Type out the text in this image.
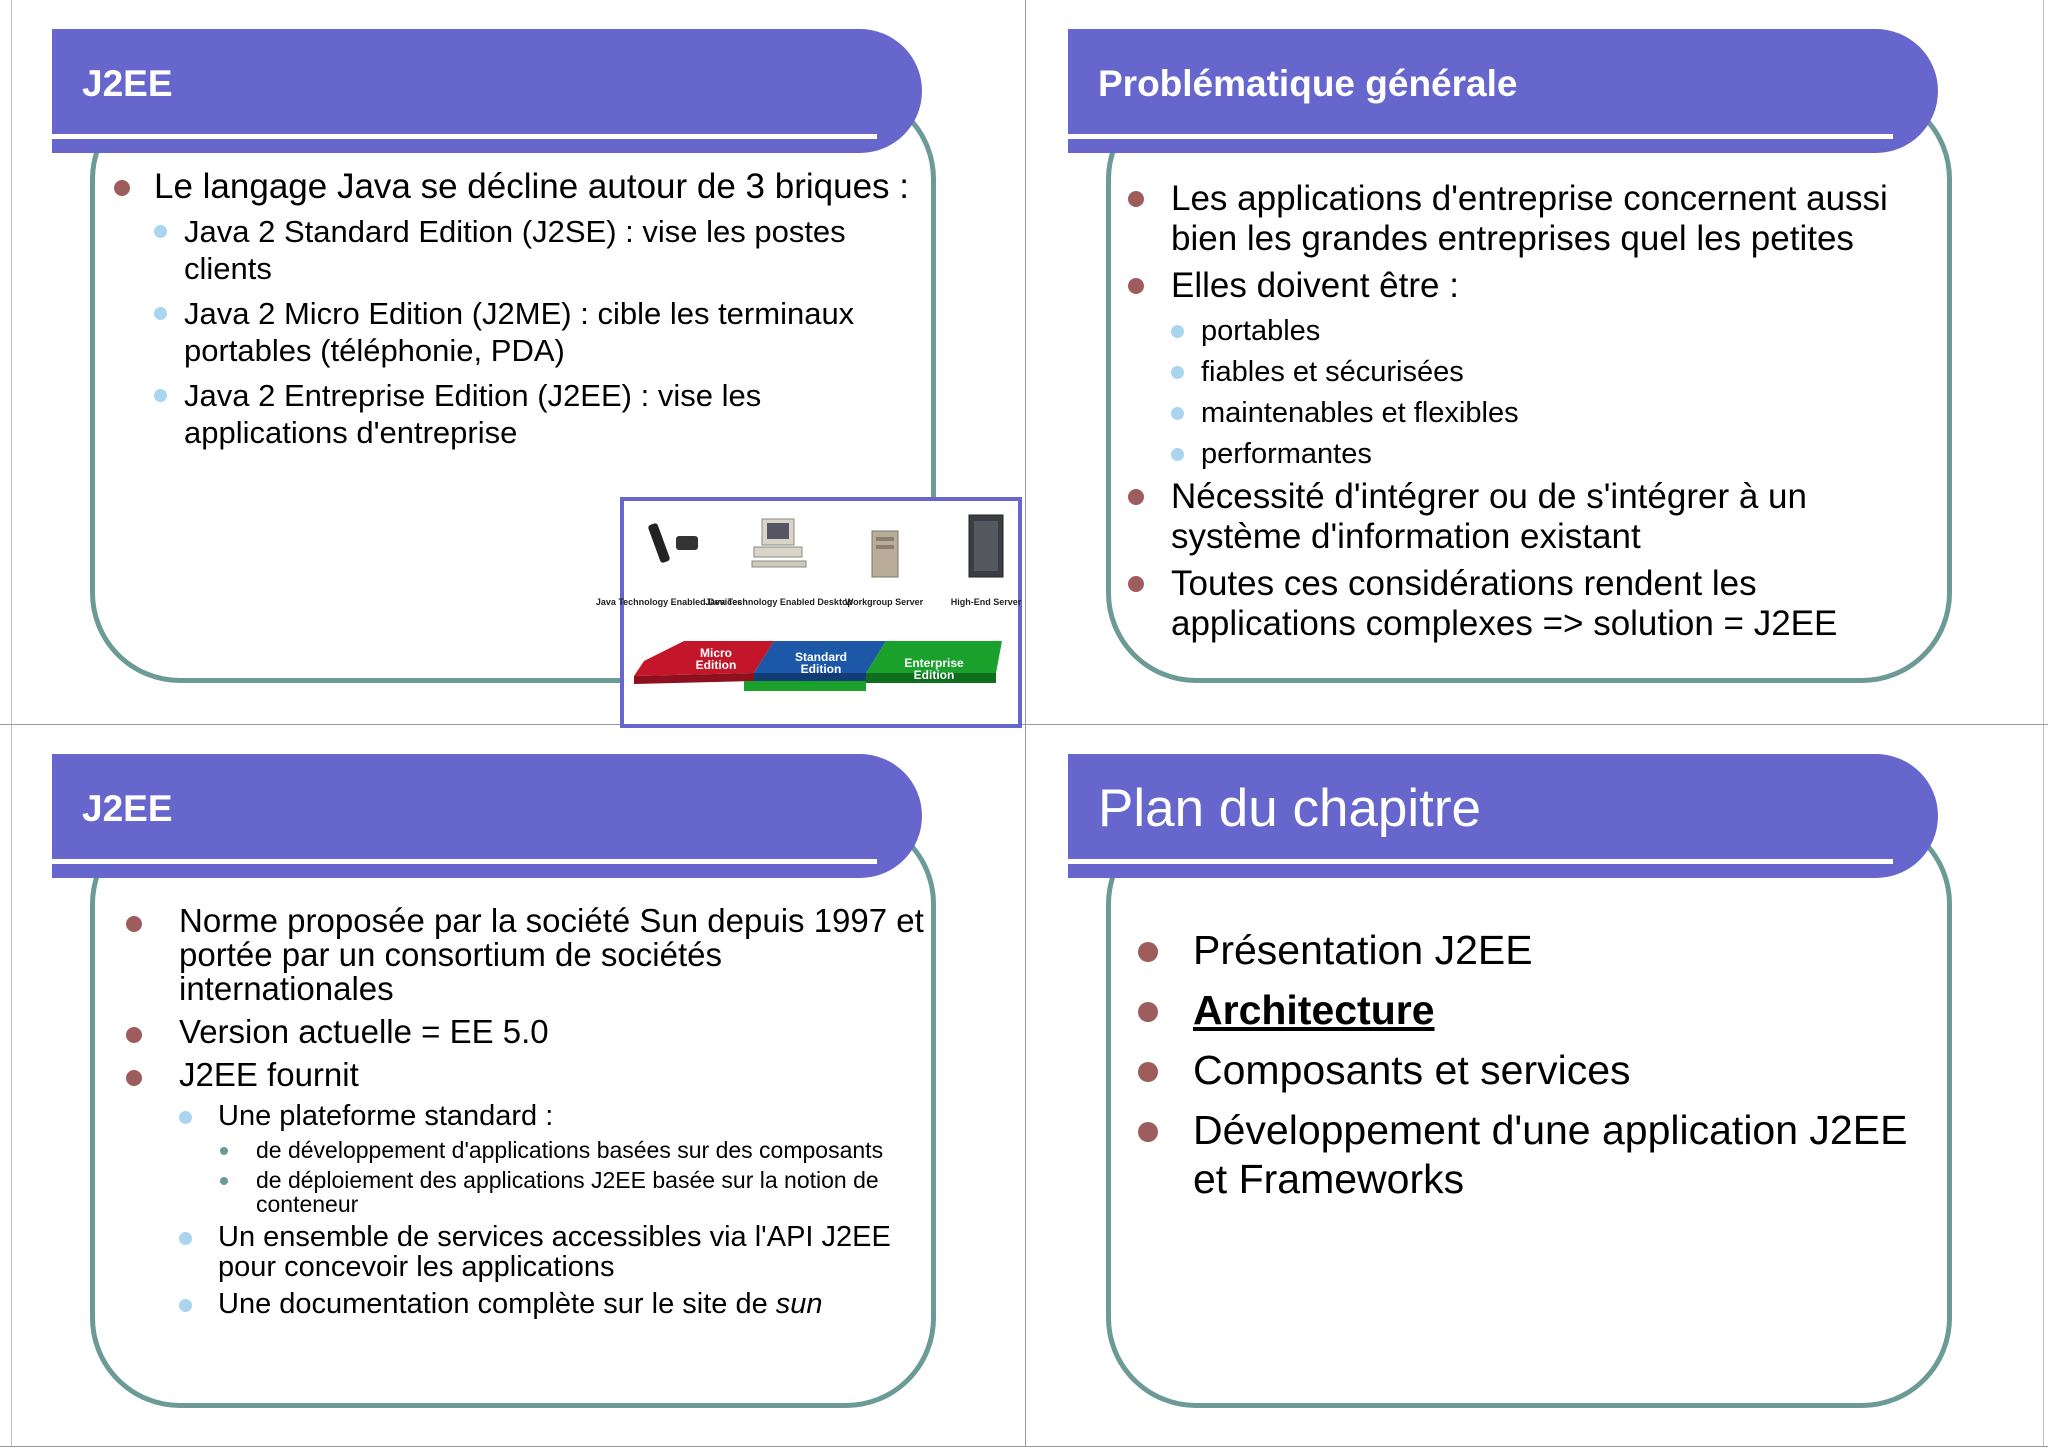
J2EE
Le langage Java se décline autour de 3 briques :
Java 2 Standard Edition (J2SE) : vise les postes clients
Java 2 Micro Edition (J2ME) : cible les terminaux portables (téléphonie, PDA)
Java 2 Entreprise Edition (J2EE) : vise les applications d'entreprise
Java Technology Enabled Devices
Java Technology Enabled Desktop
Workgroup Server	High-End Server
Micro
Edition
Standard
Edition	Enterprise
Edition
Problématique générale
Les applications d'entreprise concernent aussi bien les grandes entreprises quel les petites
Elles doivent être :
portables
fiables et sécurisées
maintenables et flexibles
performantes
Nécessité d'intégrer ou de s'intégrer à un système d'information existant
Toutes ces considérations rendent les applications complexes => solution = J2EE
J2EE
Norme proposée par la société Sun depuis 1997 et portée par un consortium de sociétés internationales
Version actuelle = EE 5.0
J2EE fournit
Une plateforme standard :
de développement d'applications basées sur des composants
de déploiement des applications J2EE basée sur la notion de conteneur
Un ensemble de services accessibles via l'API J2EE pour concevoir les applications
Une documentation complète sur le site de sun
Plan du chapitre
Présentation J2EE
Architecture
Composants et services
Développement d'une application J2EE et Frameworks
